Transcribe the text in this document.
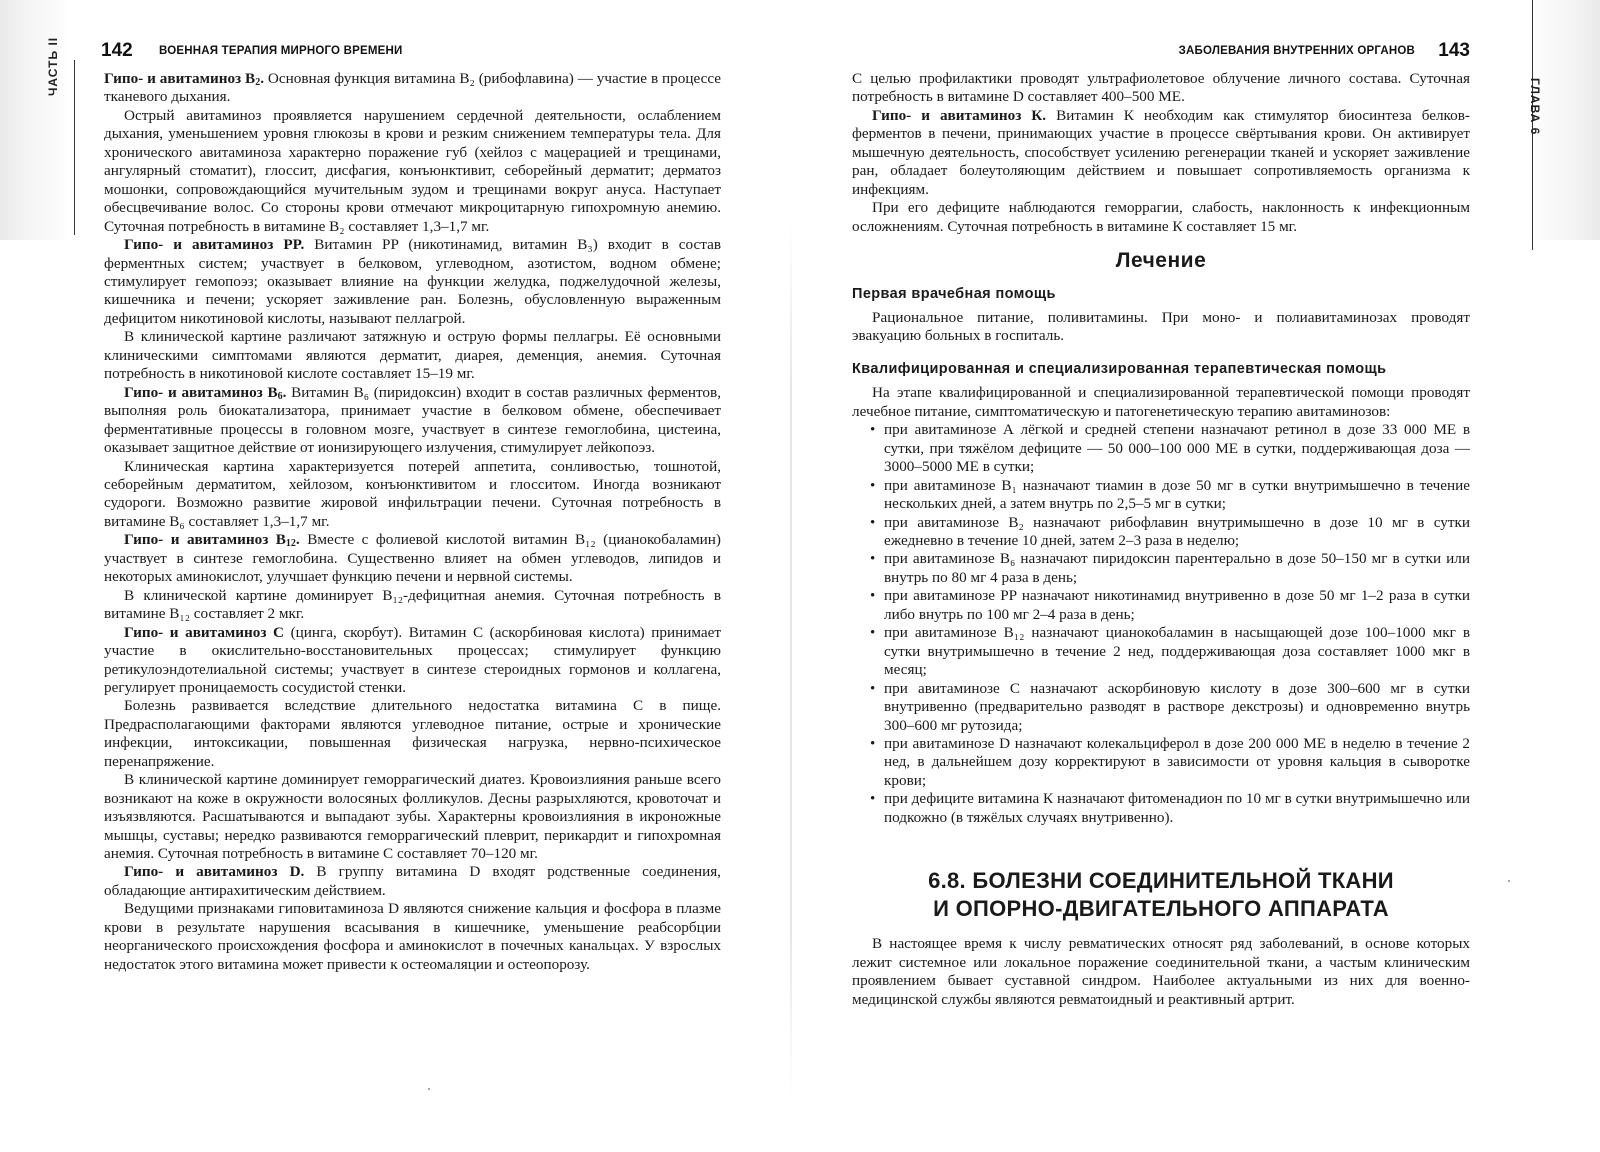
ЧАСТЬ II 142 ВОЕННАЯ ТЕРАПИЯ МИРНОГО ВРЕМЕНИ

Гипо- и авитаминоз $B_2$. Основная функция витамина B₂ (рибофлавина) — участие в процессе тканевого дыхания.

Острый авитаминоз проявляется нарушением сердечной деятельности, ослаблением дыхания, уменьшением уровня глюкозы в крови и резким снижением температуры тела. Для хронического авитаминоза характерно поражение губ (хейлоз с мацерацией и трещинами, ангулярный стоматит), глоссит, дисфагия, конъюнктивит, себорейный дерматит; дерматоз мошонки, сопровождающийся мучительным зудом и трещинами вокруг ануса. Наступает обесцвечивание волос. Со стороны крови отмечают микроцитарную гипохромную анемию. Суточная потребность в витамине B₂ составляет 1,3–1,7 мг.

Гипо- и авитаминоз PP. Витамин PP (никотинамид, витамин B₃) входит в состав ферментных систем; участвует в белковом, углеводном, азотистом, водном обмене; стимулирует гемопоэз; оказывает влияние на функции желудка, поджелудочной железы, кишечника и печени; ускоряет заживление ран. Болезнь, обусловленную выраженным дефицитом никотиновой кислоты, называют пеллагрой.

В клинической картине различают затяжную и острую формы пеллагры. Её основными клиническими симптомами являются дерматит, диарея, деменция, анемия. Суточная потребность в никотиновой кислоте составляет 15–19 мг.

Гипо- и авитаминоз $B_6$. Витамин B₆ (пиридоксин) входит в состав различных ферментов, выполняя роль биокатализатора, принимает участие в белковом обмене, обеспечивает ферментативные процессы в головном мозге, участвует в синтезе гемоглобина, цистеина, оказывает защитное действие от ионизирующего излучения, стимулирует лейкопоэз.

Клиническая картина характеризуется потерей аппетита, сонливостью, тошнотой, себорейным дерматитом, хейлозом, конъюнктивитом и глосситом. Иногда возникают судороги. Возможно развитие жировой инфильтрации печени. Суточная потребность в витамине B₆ составляет 1,3–1,7 мг.

Гипо- и авитаминоз $B_{12}$. Вместе с фолиевой кислотой витамин B₁₂ (цианокобаламин) участвует в синтезе гемоглобина. Существенно влияет на обмен углеводов, липидов и некоторых аминокислот, улучшает функцию печени и нервной системы.

В клинической картине доминирует B₁₂-дефицитная анемия. Суточная потребность в витамине B₁₂ составляет 2 мкг.

Гипо- и авитаминоз С (цинга, скорбут). Витамин С (аскорбиновая кислота) принимает участие в окислительно-восстановительных процессах; стимулирует функцию ретикулоэндотелиальной системы; участвует в синтезе стероидных гормонов и коллагена, регулирует проницаемость сосудистой стенки.

Болезнь развивается вследствие длительного недостатка витамина С в пище. Предрасполагающими факторами являются углеводное питание, острые и хронические инфекции, интоксикации, повышенная физическая нагрузка, нервно-психическое перенапряжение.

В клинической картине доминирует геморрагический диатез. Кровоизлияния раньше всего возникают на коже в окружности волосяных фолликулов. Десны разрыхляются, кровоточат и изъязвляются. Расшатываются и выпадают зубы. Характерны кровоизлияния в икроножные мышцы, суставы; нередко развиваются геморрагический плеврит, перикардит и гипохромная анемия. Суточная потребность в витамине С составляет 70–120 мг.

Гипо- и авитаминоз D. В группу витамина D входят родственные соединения, обладающие антирахитическим действием.

Ведущими признаками гиповитаминоза D являются снижение кальция и фосфора в плазме крови в результате нарушения всасывания в кишечнике, уменьшение реабсорбции неорганического происхождения фосфора и аминокислот в почечных канальцах. У взрослых недостаток этого витамина может привести к остеомаляции и остеопорозу.

ГЛАВА 6
ЗАБОЛЕВАНИЯ ВНУТРЕННИХ ОРГАНОВ 143

С целью профилактики проводят ультрафиолетовое облучение личного состава. Суточная потребность в витамине D составляет 400–500 МЕ.

Гипо- и авитаминоз К. Витамин К необходим как стимулятор биосинтеза белков-ферментов в печени, принимающих участие в процессе свёртывания крови. Он активирует мышечную деятельность, способствует усилению регенерации тканей и ускоряет заживление ран, обладает болеутоляющим действием и повышает сопротивляемость организма к инфекциям.

При его дефиците наблюдаются геморрагии, слабость, наклонность к инфекционным осложнениям. Суточная потребность в витамине К составляет 15 мг.

Лечение
Первая врачебная помощь

Рациональное питание, поливитамины. При моно- и полиавитаминозах проводят эвакуацию больных в госпиталь.

Квалифицированная и специализированная терапевтическая помощь

На этапе квалифицированной и специализированной терапевтической помощи проводят лечебное питание, симптоматическую и патогенетическую терапию авитаминозов:

• при авитаминозе А лёгкой и средней степени назначают ретинол в дозе 33 000 МЕ в сутки, при тяжёлом дефиците — 50 000–100 000 МЕ в сутки, поддерживающая доза — 3000–5000 МЕ в сутки;
• при авитаминозе B₁ назначают тиамин в дозе 50 мг в сутки внутримышечно в течение нескольких дней, а затем внутрь по 2,5–5 мг в сутки;
• при авитаминозе B₂ назначают рибофлавин внутримышечно в дозе 10 мг в сутки ежедневно в течение 10 дней, затем 2–3 раза в неделю;
• при авитаминозе B₆ назначают пиридоксин парентерально в дозе 50–150 мг в сутки или внутрь по 80 мг 4 раза в день;
• при авитаминозе PP назначают никотинамид внутривенно в дозе 50 мг 1–2 раза в сутки либо внутрь по 100 мг 2–4 раза в день;
• при авитаминозе B₁₂ назначают цианокобаламин в насыщающей дозе 100–1000 мкг в сутки внутримышечно в течение 2 нед, поддерживающая доза составляет 1000 мкг в месяц;
• при авитаминозе С назначают аскорбиновую кислоту в дозе 300–600 мг в сутки внутривенно (предварительно разводят в растворе декстрозы) и одновременно внутрь 300–600 мг рутозида;
• при авитаминозе D назначают колекальциферол в дозе 200 000 МЕ в неделю в течение 2 нед, в дальнейшем дозу корректируют в зависимости от уровня кальция в сыворотке крови;
• при дефиците витамина К назначают фитоменадион по 10 мг в сутки внутримышечно или подкожно (в тяжёлых случаях внутривенно).
6.8. БОЛЕЗНИ СОЕДИНИТЕЛЬНОЙ ТКАНИ
И ОПОРНО-ДВИГАТЕЛЬНОГО АППАРАТА

В настоящее время к числу ревматических относят ряд заболеваний, в основе которых лежит системное или локальное поражение соединительной ткани, а частым клиническим проявлением бывает суставной синдром. Наиболее актуальными из них для военно-медицинской службы являются ревматоидный и реактивный артрит.
